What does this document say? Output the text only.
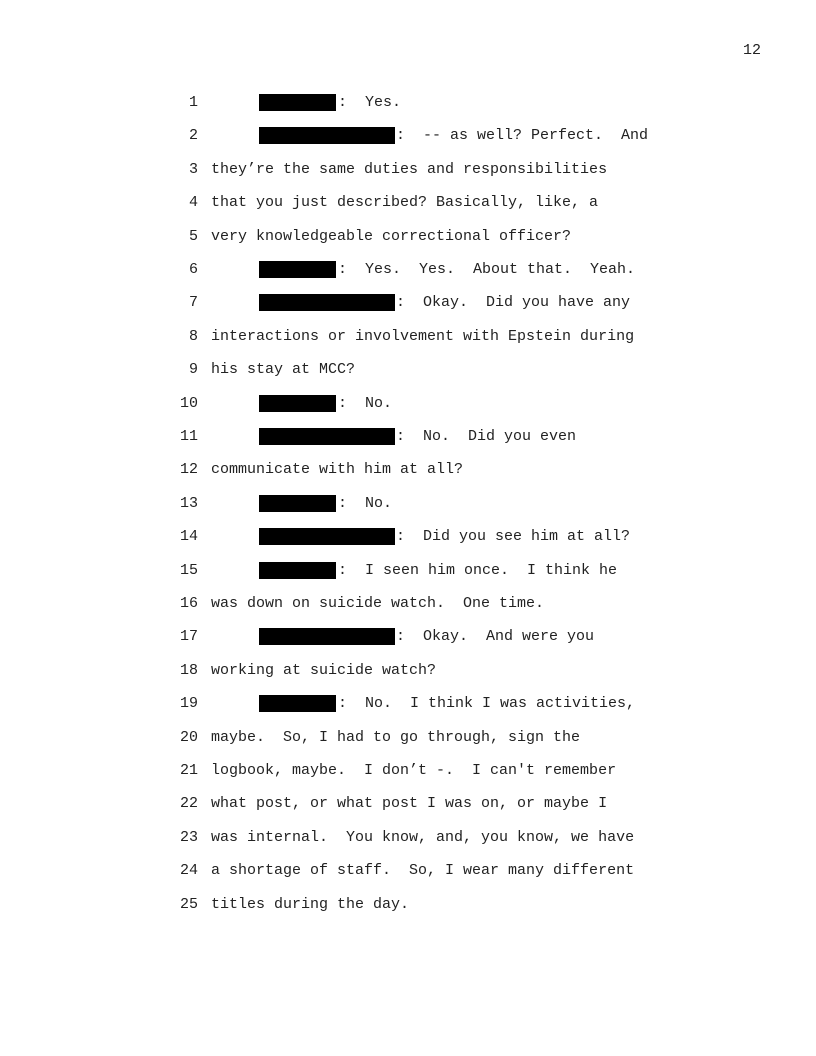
12
1	:  Yes.
2	:  -- as well? Perfect.  And
3 they’re the same duties and responsibilities
4 that you just described? Basically, like, a
5 very knowledgeable correctional officer?
6	:  Yes.  Yes.  About that.  Yeah.
7	:  Okay.  Did you have any
8 interactions or involvement with Epstein during
9 his stay at MCC?
10	:  No.
11	:  No.  Did you even
12 communicate with him at all?
13	:  No.
14	:  Did you see him at all?
15	:  I seen him once.  I think he
16 was down on suicide watch.  One time.
17	:  Okay.  And were you
18 working at suicide watch?
19	:  No.  I think I was activities,
20 maybe.  So, I had to go through, sign the
21 logbook, maybe.  I don’t -.  I can't remember
22 what post, or what post I was on, or maybe I
23 was internal.  You know, and, you know, we have
24 a shortage of staff.  So, I wear many different
25 titles during the day.
